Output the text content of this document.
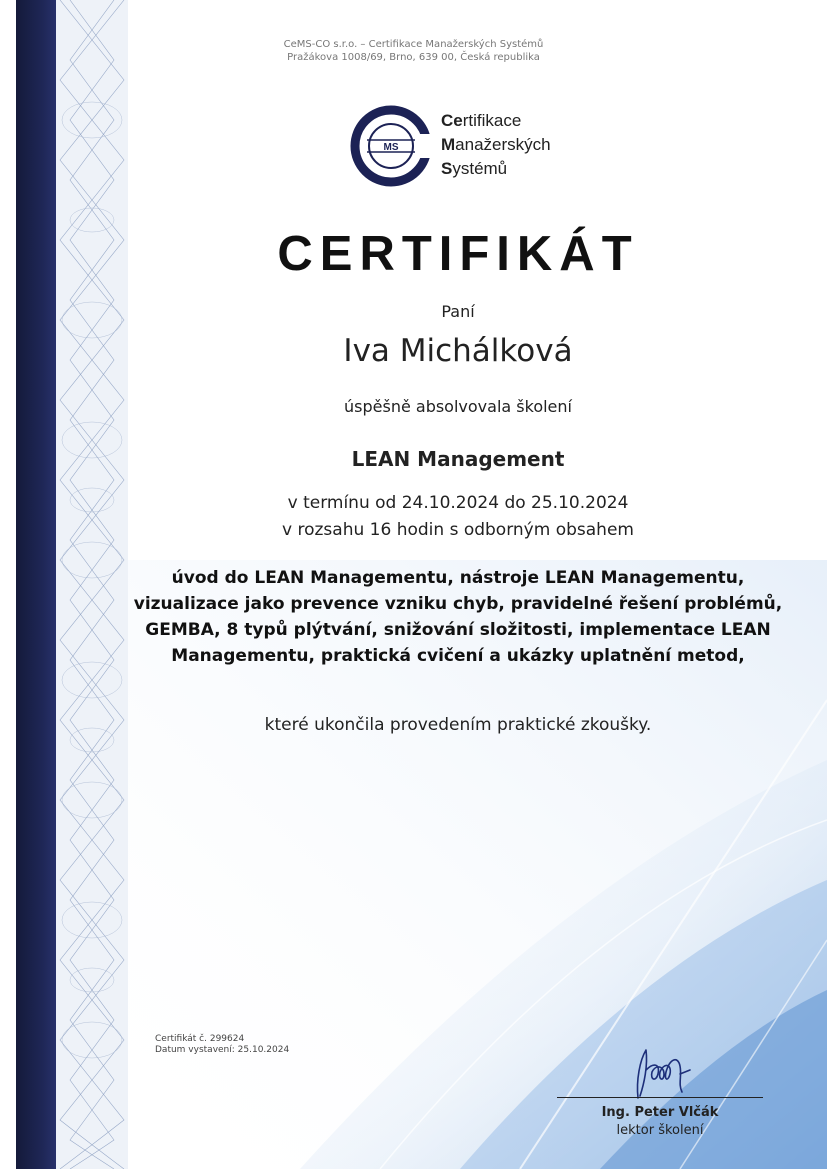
CeMS-CO s.r.o. – Certifikace Manažerských Systémů
Pražákova 1008/69, Brno, 639 00, Česká republika
MS
Certifikace
Manažerských
Systémů
CERTIFIKÁT
Paní
Iva Michálková
úspěšně absolvovala školení
LEAN Management
v termínu od 24.10.2024 do 25.10.2024
v rozsahu 16 hodin s odborným obsahem
úvod do LEAN Managementu, nástroje LEAN Managementu, vizualizace jako prevence vzniku chyb, pravidelné řešení problémů, GEMBA, 8 typů plýtvání, snižování složitosti, implementace LEAN Managementu, praktická cvičení a ukázky uplatnění metod,
které ukončila provedením praktické zkoušky.
Certifikát č. 299624
Datum vystavení: 25.10.2024
Ing. Peter Vlčák
lektor školení
